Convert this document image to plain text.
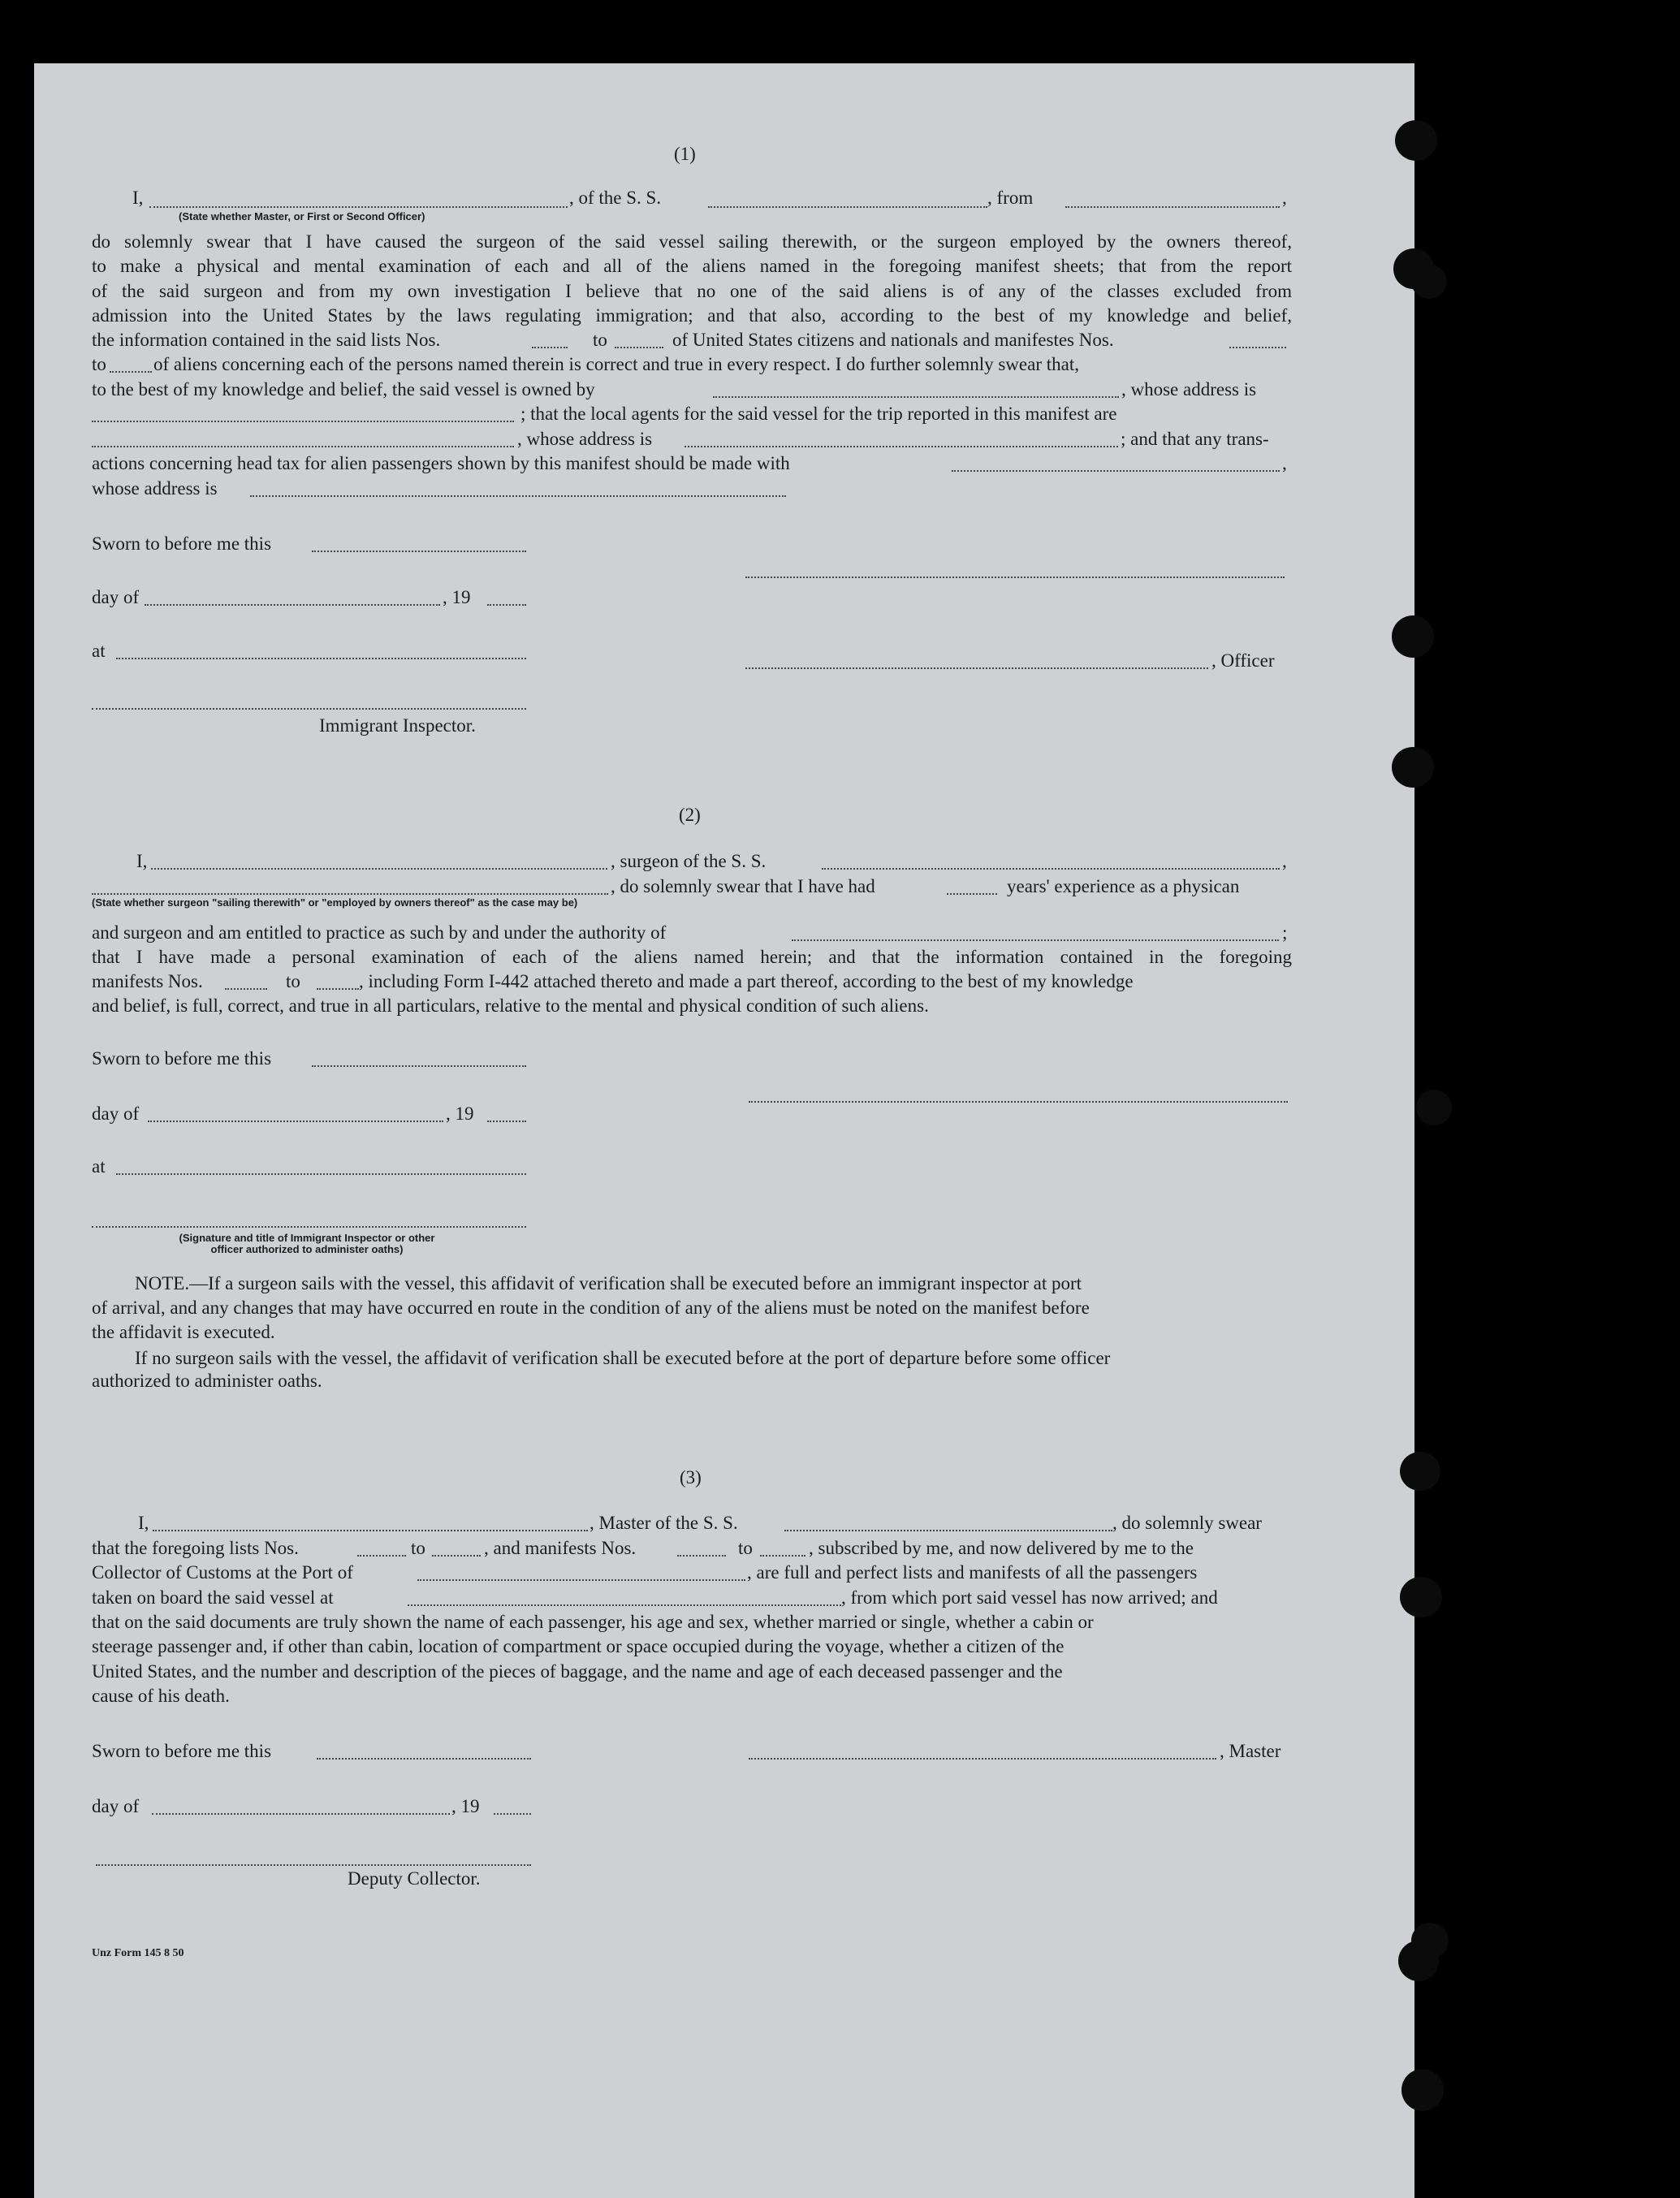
(1)
I,	, of the S. S.	, from	,
(State whether Master, or First or Second Officer)
do solemnly swear that I have caused the surgeon of the said vessel sailing therewith, or the surgeon employed by the owners thereof,
to make a physical and mental examination of each and all of the aliens named in the foregoing manifest sheets; that from the report
of the said surgeon and from my own investigation I believe that no one of the said aliens is of any of the classes excluded from
admission into the United States by the laws regulating immigration; and that also, according to the best of my knowledge and belief,
the information contained in the said lists Nos.	to	of United States citizens and nationals and manifestes Nos.
to	of aliens concerning each of the persons named therein is correct and true in every respect. I do further solemnly swear that,
to the best of my knowledge and belief, the said vessel is owned by	, whose address is
; that the local agents for the said vessel for the trip reported in this manifest are
, whose address is	; and that any trans-
actions concerning head tax for alien passengers shown by this manifest should be made with	,
whose address is
Sworn to before me this
day of	, 19
at	, Officer
Immigrant Inspector.
(2)
I,	, surgeon of the S. S.	,
, do solemnly swear that I have had	years' experience as a physican
(State whether surgeon "sailing therewith" or "employed by owners thereof" as the case may be)
and surgeon and am entitled to practice as such by and under the authority of	;
that I have made a personal examination of each of the aliens named herein; and that the information contained in the foregoing
manifests Nos.	to	, including Form I-442 attached thereto and made a part thereof, according to the best of my knowledge
and belief, is full, correct, and true in all particulars, relative to the mental and physical condition of such aliens.
Sworn to before me this
day of	, 19
at
(Signature and title of Immigrant Inspector or other
officer authorized to administer oaths)
NOTE.—If a surgeon sails with the vessel, this affidavit of verification shall be executed before an immigrant inspector at port
of arrival, and any changes that may have occurred en route in the condition of any of the aliens must be noted on the manifest before
the affidavit is executed.
If no surgeon sails with the vessel, the affidavit of verification shall be executed before at the port of departure before some officer
authorized to administer oaths.
(3)
I,	, Master of the S. S.	, do solemnly swear
that the foregoing lists Nos.	to	, and manifests Nos.	to	, subscribed by me, and now delivered by me to the
Collector of Customs at the Port of	, are full and perfect lists and manifests of all the passengers
taken on board the said vessel at	, from which port said vessel has now arrived; and
that on the said documents are truly shown the name of each passenger, his age and sex, whether married or single, whether a cabin or
steerage passenger and, if other than cabin, location of compartment or space occupied during the voyage, whether a citizen of the
United States, and the number and description of the pieces of baggage, and the name and age of each deceased passenger and the
cause of his death.
Sworn to before me this	, Master
day of	, 19
Deputy Collector.
Unz Form 145 8 50
